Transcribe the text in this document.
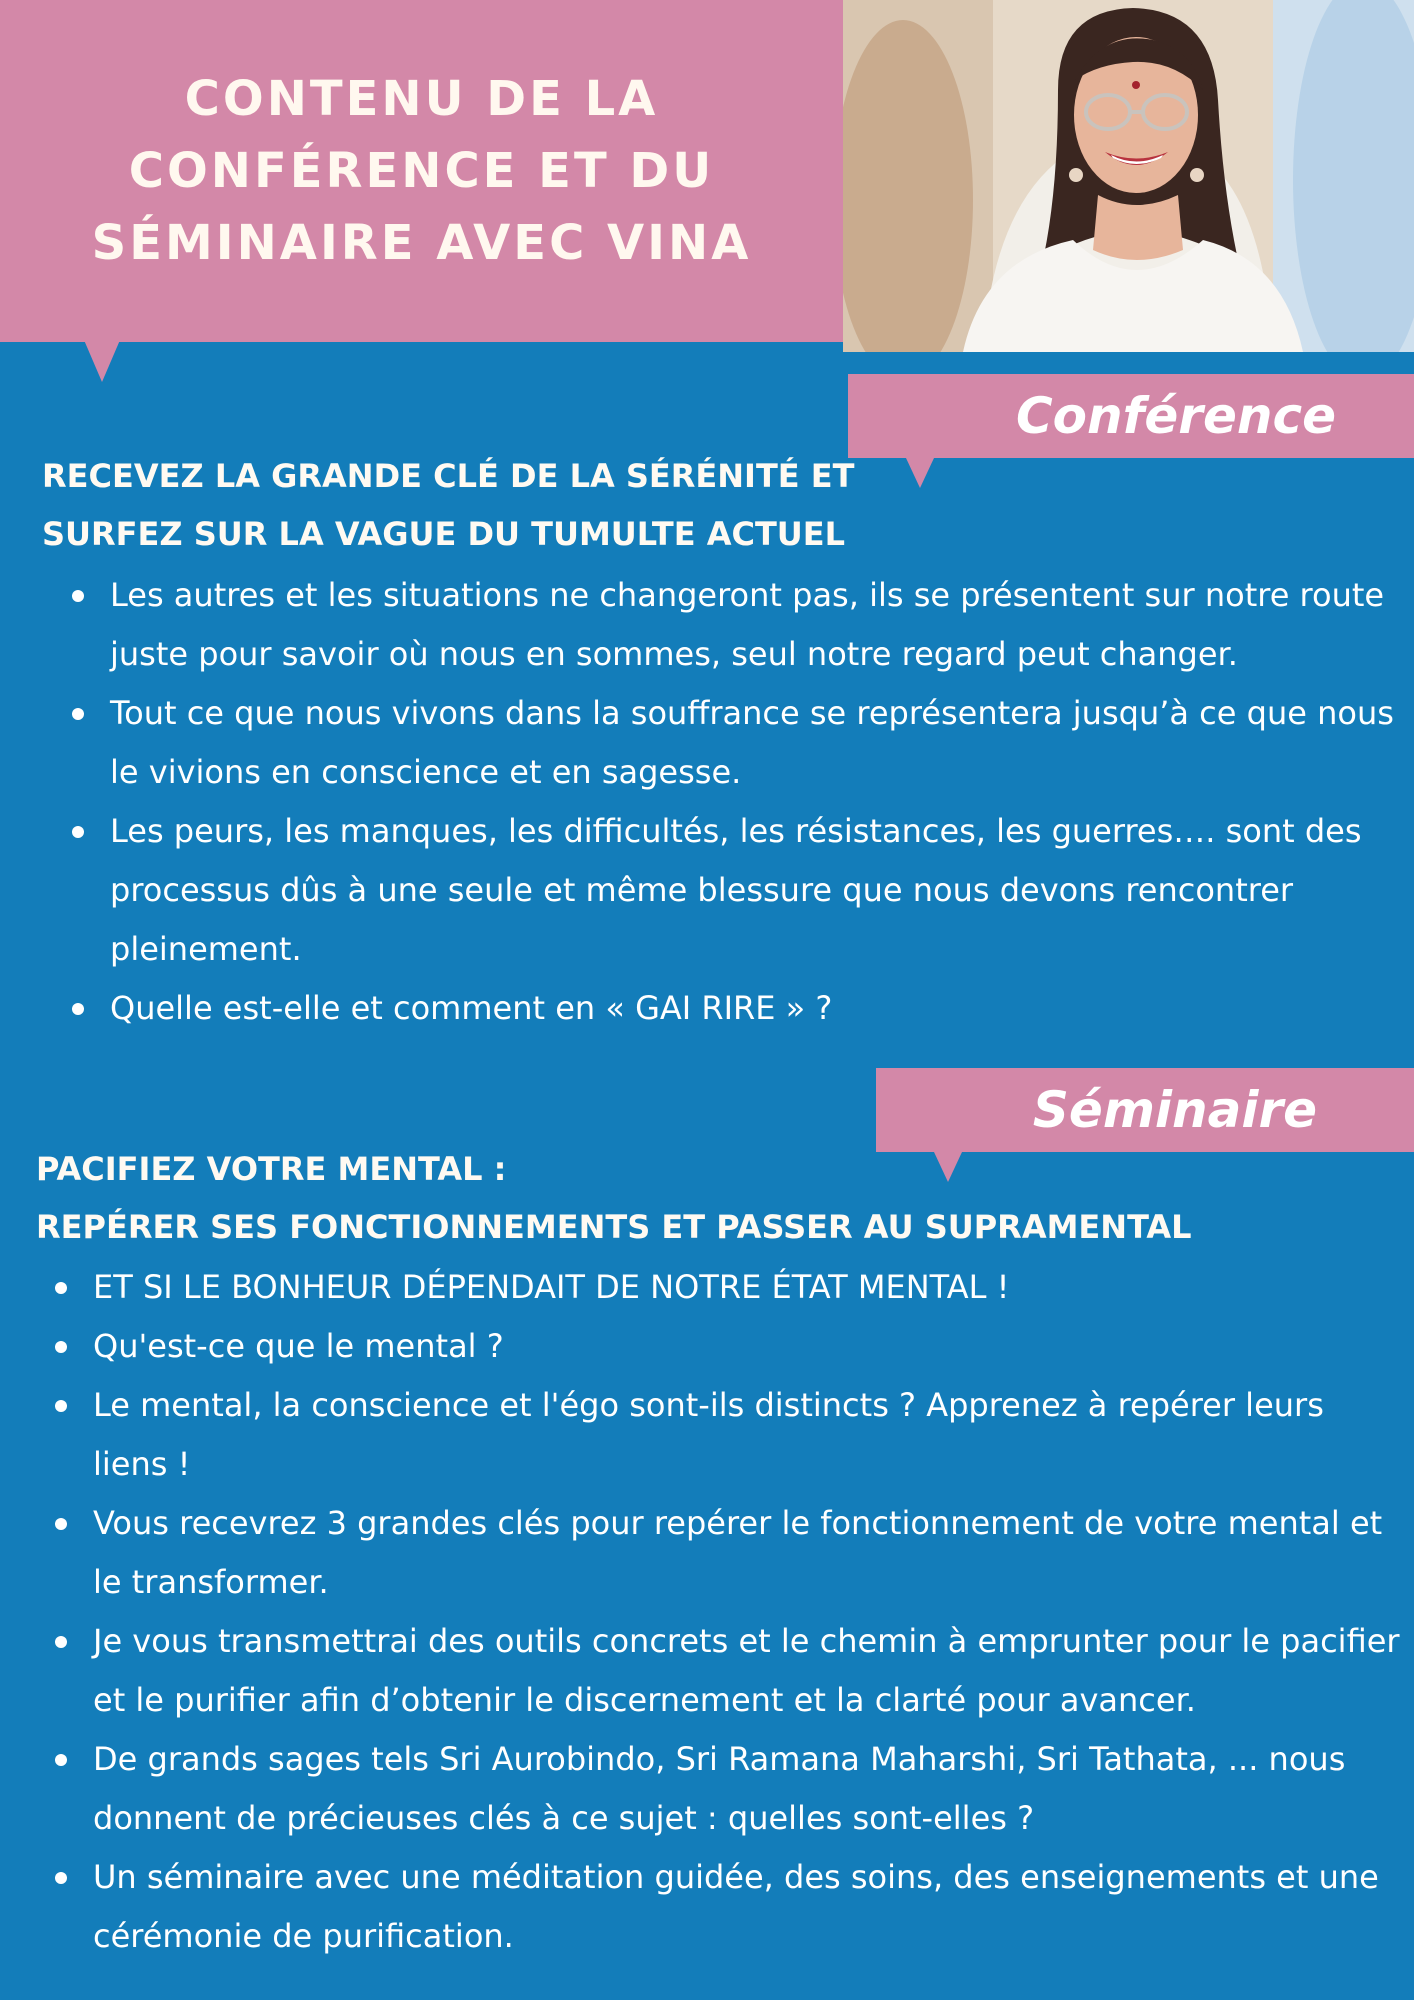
CONTENU DE LA
CONFÉRENCE ET DU
SÉMINAIRE AVEC VINA
Conférence
RECEVEZ LA GRANDE CLÉ DE LA SÉRÉNITÉ ET
SURFEZ SUR LA VAGUE DU TUMULTE ACTUEL
Les autres et les situations ne changeront pas, ils se présentent sur notre route juste pour savoir où nous en sommes, seul notre regard peut changer.
Tout ce que nous vivons dans la souffrance se représentera jusqu’à ce que nous le vivions en conscience et en sagesse.
Les peurs, les manques, les difficultés, les résistances, les guerres…. sont des processus dûs à une seule et même blessure que nous devons rencontrer pleinement.
Quelle est-elle et comment en « GAI RIRE » ?
Séminaire
PACIFIEZ VOTRE MENTAL :
REPÉRER SES FONCTIONNEMENTS ET PASSER AU SUPRAMENTAL
ET SI LE BONHEUR DÉPENDAIT DE NOTRE ÉTAT MENTAL !
Qu'est-ce que le mental ?
Le mental, la conscience et l'égo sont-ils distincts ? Apprenez à repérer leurs liens !
Vous recevrez 3 grandes clés pour repérer le fonctionnement de votre mental et le transformer.
Je vous transmettrai des outils concrets et le chemin à emprunter pour le pacifier et le purifier afin d’obtenir le discernement et la clarté pour avancer.
De grands sages tels Sri Aurobindo, Sri Ramana Maharshi, Sri Tathata, ... nous donnent de précieuses clés à ce sujet : quelles sont-elles ?
Un séminaire avec une méditation guidée, des soins, des enseignements et une cérémonie de purification.
